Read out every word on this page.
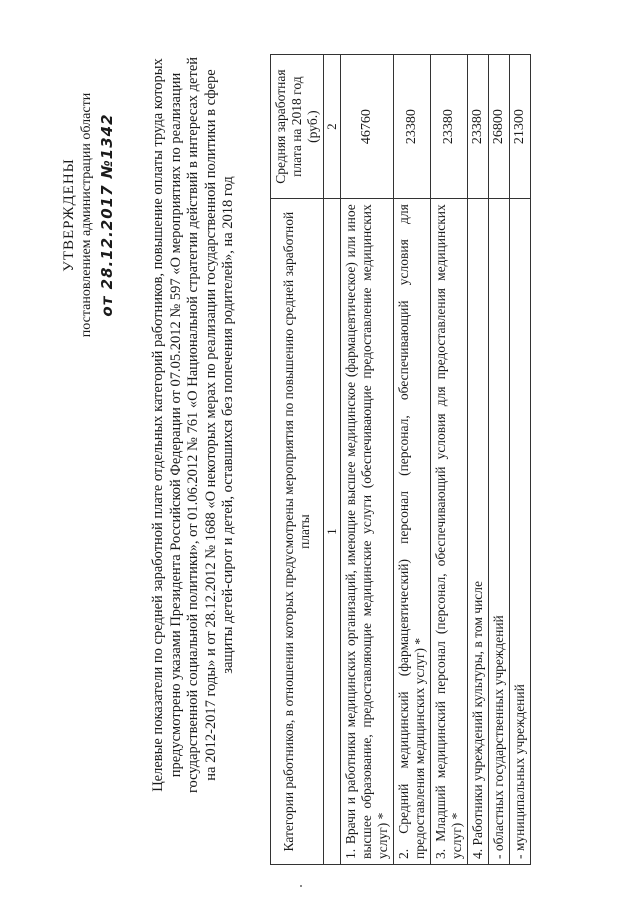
УТВЕРЖДЕНЫ постановлением администрации области от 28.12.2017 №1342 Целевые показатели по средней заработной плате отдельных категорий работников, повышение оплаты труда которых предусмотрено указами Президента Российской Федерации от 07.05.2012 № 597 «О мероприятиях по реализации государственной социальной политики», от 01.06.2012 № 761 «О Национальной стратегии действий в интересах детей на 2012-2017 годы» и от 28.12.2012 № 1688 «О некоторых мерах по реализации государственной политики в сфере защиты детей-сирот и детей, оставшихся без попечения родителей», на 2018 год	Категории работников, в отношении которых предусмотрены мероприятия по повышению средней заработной платы	Средняя заработная плата на 2018 год (руб.)
1	2
1. Врачи и работники медицинских организаций, имеющие высшее медицинское (фармацевтическое) или иное высшее образование, предоставляющие медицинские услуги (обеспечивающие предоставление медицинских услуг) *	46760
2. Средний медицинский (фармацевтический) персонал (персонал, обеспечивающий условия для предоставления медицинских услуг) *	23380
3. Младший медицинский персонал (персонал, обеспечивающий условия для предоставления медицинских услуг) *	23380
4. Работники учреждений культуры, в том числе	23380
- областных государственных учреждений	26800
- муниципальных учреждений	21300
